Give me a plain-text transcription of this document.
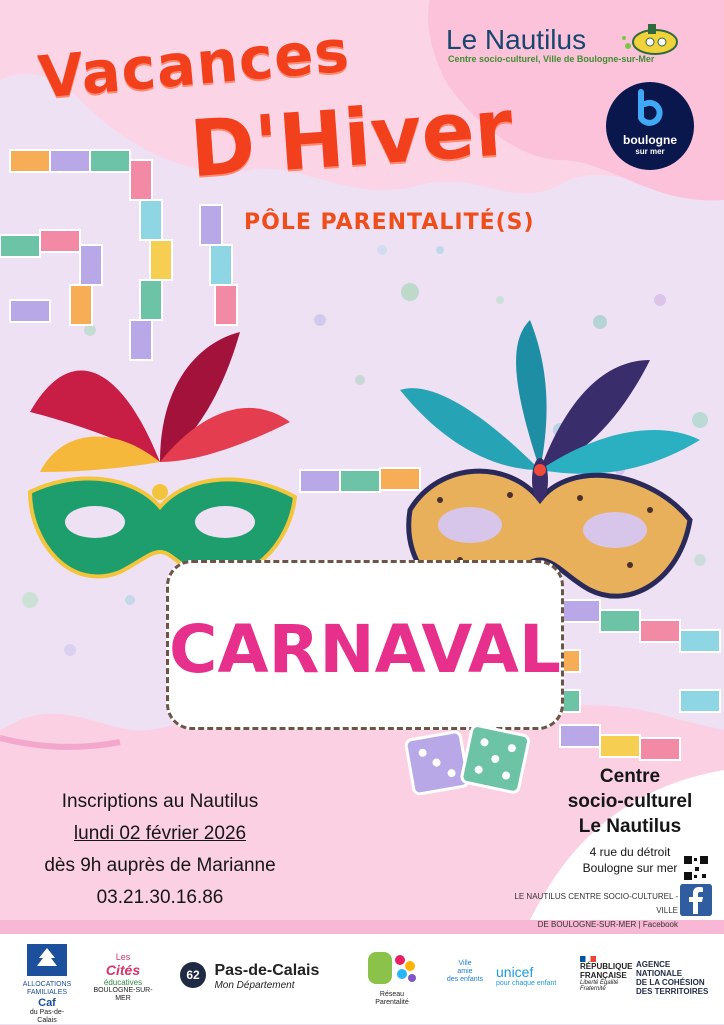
Vacances
D'Hiver
PÔLE PARENTALITÉ(S)
Le Nautilus
Centre socio-culturel, Ville de Boulogne-sur-Mer
boulogne
sur mer
CARNAVAL
Inscriptions au Nautilus
lundi 02 février 2026
dès 9h auprès de Marianne
03.21.30.16.86
Centre
socio-culturel
Le Nautilus
4 rue du détroit
Boulogne sur mer
LE NAUTILUS CENTRE SOCIO-CULTUREL - VILLE
DE BOULOGNE-SUR-MER | Facebook
ALLOCATIONS
FAMILIALES
Caf
du Pas-de-Calais
Les
Cités
éducatives
BOULOGNE-SUR-MER
62 Pas-de-Calais
Mon Département
Réseau
Parentalité
Ville
amie
des enfants unicef
pour chaque enfant
RÉPUBLIQUE
FRANÇAISE
Liberté Égalité Fraternité
AGENCE
NATIONALE
DE LA COHÉSION
DES TERRITOIRES
